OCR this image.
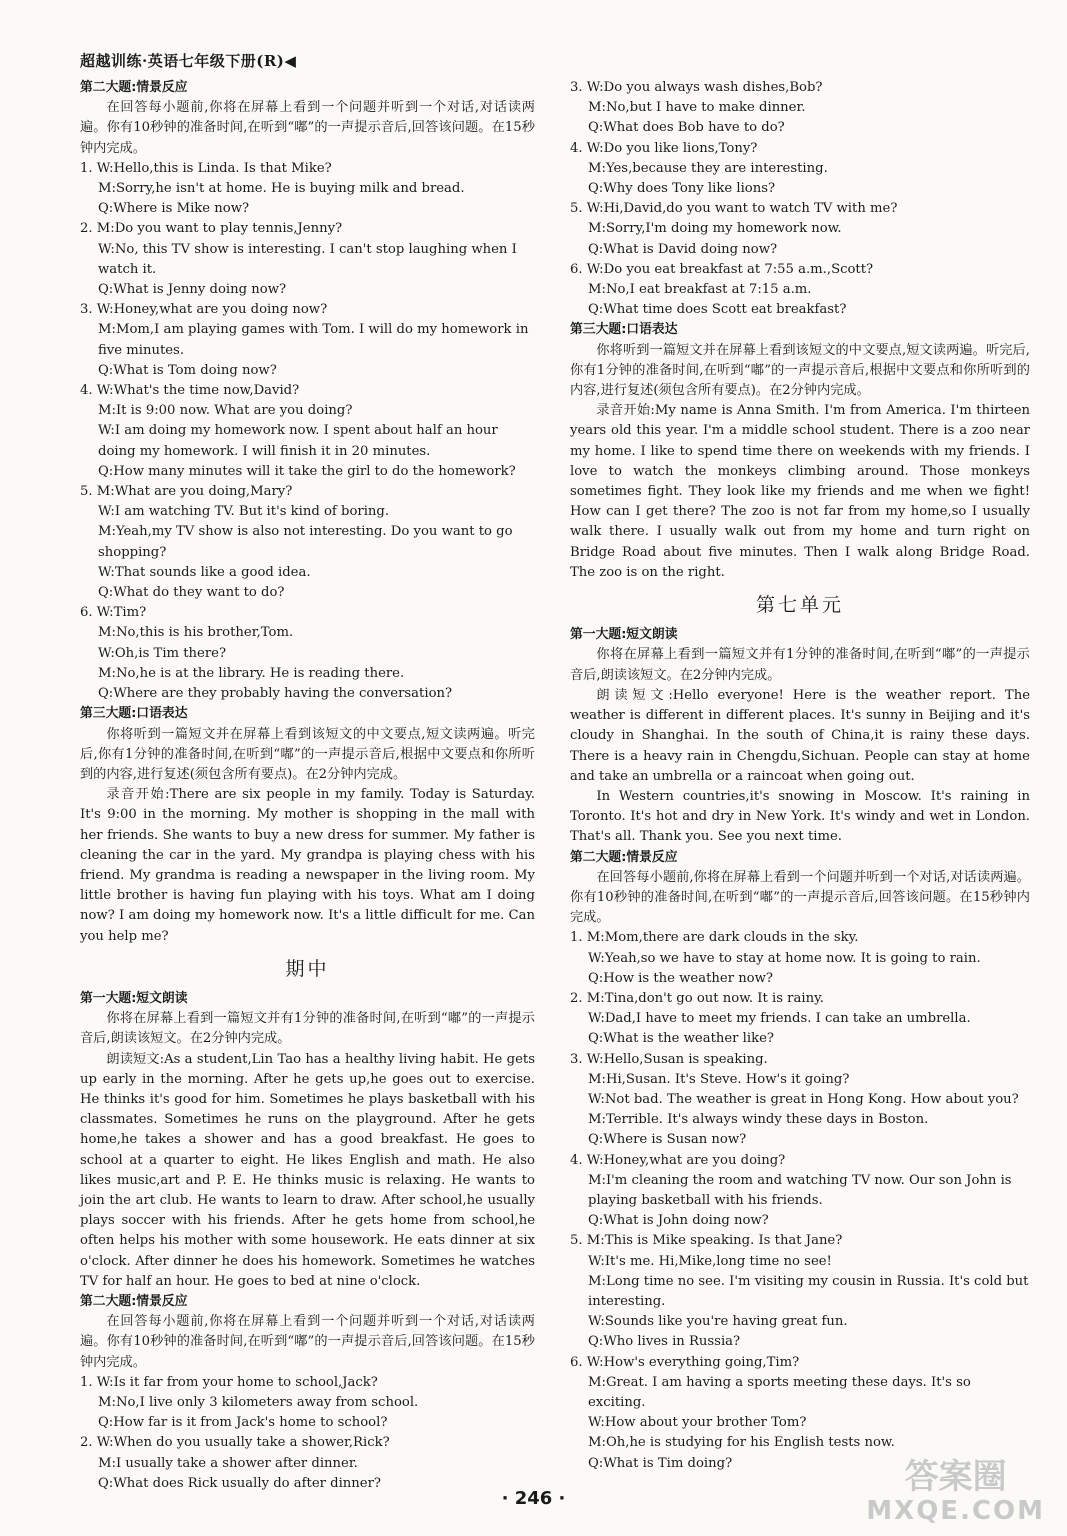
超越训练·英语七年级下册(R)◀
第二大题:情景反应
在回答每小题前,你将在屏幕上看到一个问题并听到一个对话,对话读两遍。你有10秒钟的准备时间,在听到“嘟”的一声提示音后,回答该问题。在15秒钟内完成。
1. W:Hello,this is Linda. Is that Mike?
M:Sorry,he isn't at home. He is buying milk and bread.
Q:Where is Mike now?
2. M:Do you want to play tennis,Jenny?
W:No, this TV show is interesting. I can't stop laughing when I watch it.
Q:What is Jenny doing now?
3. W:Honey,what are you doing now?
M:Mom,I am playing games with Tom. I will do my homework in five minutes.
Q:What is Tom doing now?
4. W:What's the time now,David?
M:It is 9:00 now. What are you doing?
W:I am doing my homework now. I spent about half an hour doing my homework. I will finish it in 20 minutes.
Q:How many minutes will it take the girl to do the homework?
5. M:What are you doing,Mary?
W:I am watching TV. But it's kind of boring.
M:Yeah,my TV show is also not interesting. Do you want to go shopping?
W:That sounds like a good idea.
Q:What do they want to do?
6. W:Tim?
M:No,this is his brother,Tom.
W:Oh,is Tim there?
M:No,he is at the library. He is reading there.
Q:Where are they probably having the conversation?
第三大题:口语表达
你将听到一篇短文并在屏幕上看到该短文的中文要点,短文读两遍。听完后,你有1分钟的准备时间,在听到“嘟”的一声提示音后,根据中文要点和你所听到的内容,进行复述(须包含所有要点)。在2分钟内完成。
录音开始:There are six people in my family. Today is Saturday. It's 9:00 in the morning. My mother is shopping in the mall with her friends. She wants to buy a new dress for summer. My father is cleaning the car in the yard. My grandpa is playing chess with his friend. My grandma is reading a newspaper in the living room. My little brother is having fun playing with his toys. What am I doing now? I am doing my homework now. It's a little difficult for me. Can you help me?
期中
第一大题:短文朗读
你将在屏幕上看到一篇短文并有1分钟的准备时间,在听到“嘟”的一声提示音后,朗读该短文。在2分钟内完成。
朗读短文:As a student,Lin Tao has a healthy living habit. He gets up early in the morning. After he gets up,he goes out to exercise. He thinks it's good for him. Sometimes he plays basketball with his classmates. Sometimes he runs on the playground. After he gets home,he takes a shower and has a good breakfast. He goes to school at a quarter to eight. He likes English and math. He also likes music,art and P. E. He thinks music is relaxing. He wants to join the art club. He wants to learn to draw. After school,he usually plays soccer with his friends. After he gets home from school,he often helps his mother with some housework. He eats dinner at six o'clock. After dinner he does his homework. Sometimes he watches TV for half an hour. He goes to bed at nine o'clock.
第二大题:情景反应
在回答每小题前,你将在屏幕上看到一个问题并听到一个对话,对话读两遍。你有10秒钟的准备时间,在听到“嘟”的一声提示音后,回答该问题。在15秒钟内完成。
1. W:Is it far from your home to school,Jack?
M:No,I live only 3 kilometers away from school.
Q:How far is it from Jack's home to school?
2. W:When do you usually take a shower,Rick?
M:I usually take a shower after dinner.
Q:What does Rick usually do after dinner?
3. W:Do you always wash dishes,Bob?
M:No,but I have to make dinner.
Q:What does Bob have to do?
4. W:Do you like lions,Tony?
M:Yes,because they are interesting.
Q:Why does Tony like lions?
5. W:Hi,David,do you want to watch TV with me?
M:Sorry,I'm doing my homework now.
Q:What is David doing now?
6. W:Do you eat breakfast at 7:55 a.m.,Scott?
M:No,I eat breakfast at 7:15 a.m.
Q:What time does Scott eat breakfast?
第三大题:口语表达
你将听到一篇短文并在屏幕上看到该短文的中文要点,短文读两遍。听完后,你有1分钟的准备时间,在听到“嘟”的一声提示音后,根据中文要点和你所听到的内容,进行复述(须包含所有要点)。在2分钟内完成。
录音开始:My name is Anna Smith. I'm from America. I'm thirteen years old this year. I'm a middle school student. There is a zoo near my home. I like to spend time there on weekends with my friends. I love to watch the monkeys climbing around. Those monkeys sometimes fight. They look like my friends and me when we fight! How can I get there? The zoo is not far from my home,so I usually walk there. I usually walk out from my home and turn right on Bridge Road about five minutes. Then I walk along Bridge Road. The zoo is on the right.
第七单元
第一大题:短文朗读
你将在屏幕上看到一篇短文并有1分钟的准备时间,在听到“嘟”的一声提示音后,朗读该短文。在2分钟内完成。
朗读短文:Hello everyone! Here is the weather report. The weather is different in different places. It's sunny in Beijing and it's cloudy in Shanghai. In the south of China,it is rainy these days. There is a heavy rain in Chengdu,Sichuan. People can stay at home and take an umbrella or a raincoat when going out.
In Western countries,it's snowing in Moscow. It's raining in Toronto. It's hot and dry in New York. It's windy and wet in London. That's all. Thank you. See you next time.
第二大题:情景反应
在回答每小题前,你将在屏幕上看到一个问题并听到一个对话,对话读两遍。你有10秒钟的准备时间,在听到“嘟”的一声提示音后,回答该问题。在15秒钟内完成。
1. M:Mom,there are dark clouds in the sky.
W:Yeah,so we have to stay at home now. It is going to rain.
Q:How is the weather now?
2. M:Tina,don't go out now. It is rainy.
W:Dad,I have to meet my friends. I can take an umbrella.
Q:What is the weather like?
3. W:Hello,Susan is speaking.
M:Hi,Susan. It's Steve. How's it going?
W:Not bad. The weather is great in Hong Kong. How about you?
M:Terrible. It's always windy these days in Boston.
Q:Where is Susan now?
4. W:Honey,what are you doing?
M:I'm cleaning the room and watching TV now. Our son John is playing basketball with his friends.
Q:What is John doing now?
5. M:This is Mike speaking. Is that Jane?
W:It's me. Hi,Mike,long time no see!
M:Long time no see. I'm visiting my cousin in Russia. It's cold but interesting.
W:Sounds like you're having great fun.
Q:Who lives in Russia?
6. W:How's everything going,Tim?
M:Great. I am having a sports meeting these days. It's so exciting.
W:How about your brother Tom?
M:Oh,he is studying for his English tests now.
Q:What is Tim doing?
· 246 ·
答案圈
MXQE.COM
